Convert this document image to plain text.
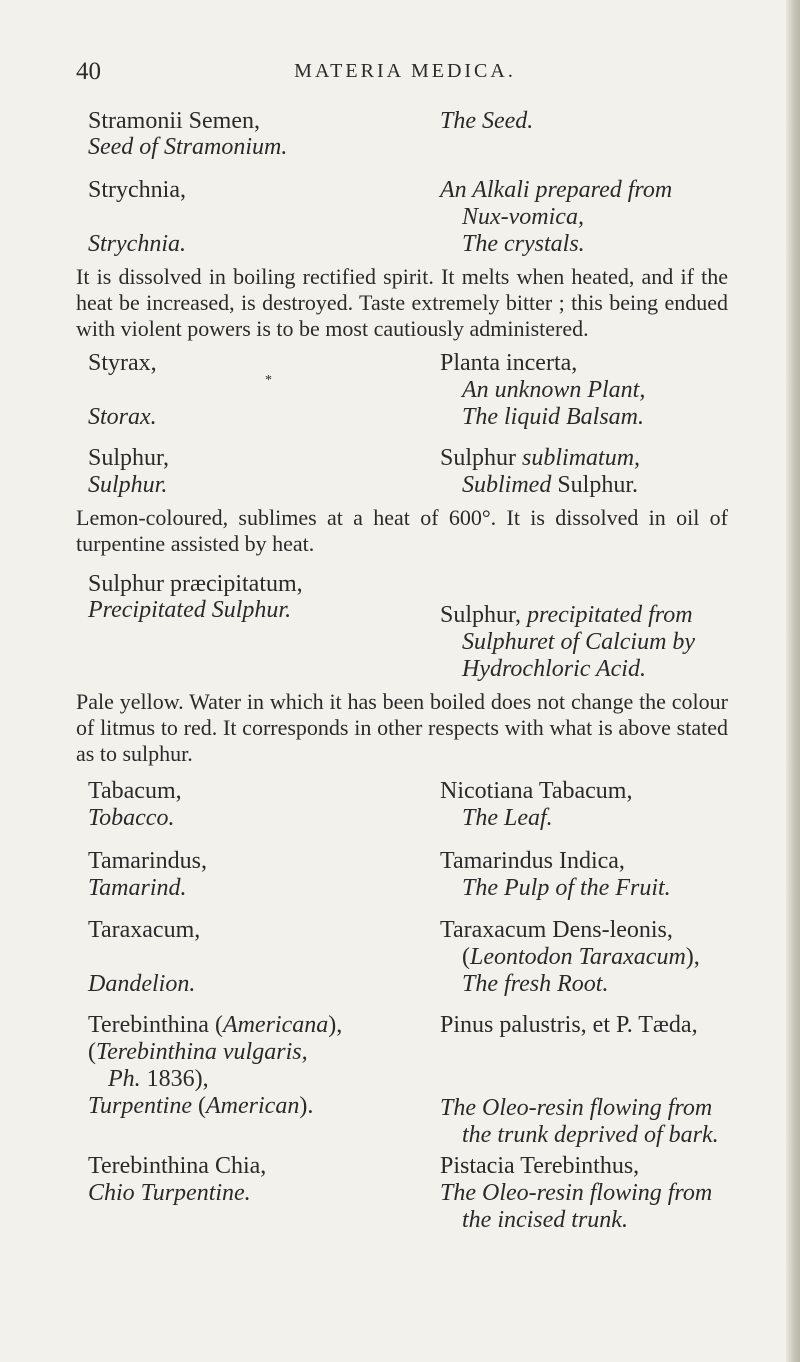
40	MATERIA MEDICA.
Stramonii Semen,
Seed of Stramonium.
The Seed.
Strychnia,
Strychnia.
An Alkali prepared from
Nux-vomica,
The crystals.
It is dissolved in boiling rectified spirit. It melts when heated, and if the heat be increased, is destroyed. Taste extremely bitter ; this being endued with violent powers is to be most cautiously administered.
Styrax,
*
Storax.
Planta incerta,
An unknown Plant,
The liquid Balsam.
Sulphur,
Sulphur.
Sulphur sublimatum,
Sublimed Sulphur.
Lemon-coloured, sublimes at a heat of 600°. It is dissolved in oil of turpentine assisted by heat.
Sulphur præcipitatum,
Precipitated Sulphur.	Sulphur, precipitated from
Sulphuret of Calcium by
Hydrochloric Acid.
Pale yellow. Water in which it has been boiled does not change the colour of litmus to red. It corresponds in other respects with what is above stated as to sulphur.
Tabacum,
Tobacco.
Nicotiana Tabacum,
The Leaf.
Tamarindus,
Tamarind.
Tamarindus Indica,
The Pulp of the Fruit.
Taraxacum,
Dandelion.
Taraxacum Dens-leonis,
(Leontodon Taraxacum),
The fresh Root.
Terebinthina (Americana),
(Terebinthina vulgaris,
Ph. 1836),
Turpentine (American).
Pinus palustris, et P. Tæda,
The Oleo-resin flowing from
the trunk deprived of bark.
Terebinthina Chia,
Chio Turpentine.
Pistacia Terebinthus,
The Oleo-resin flowing from
the incised trunk.
